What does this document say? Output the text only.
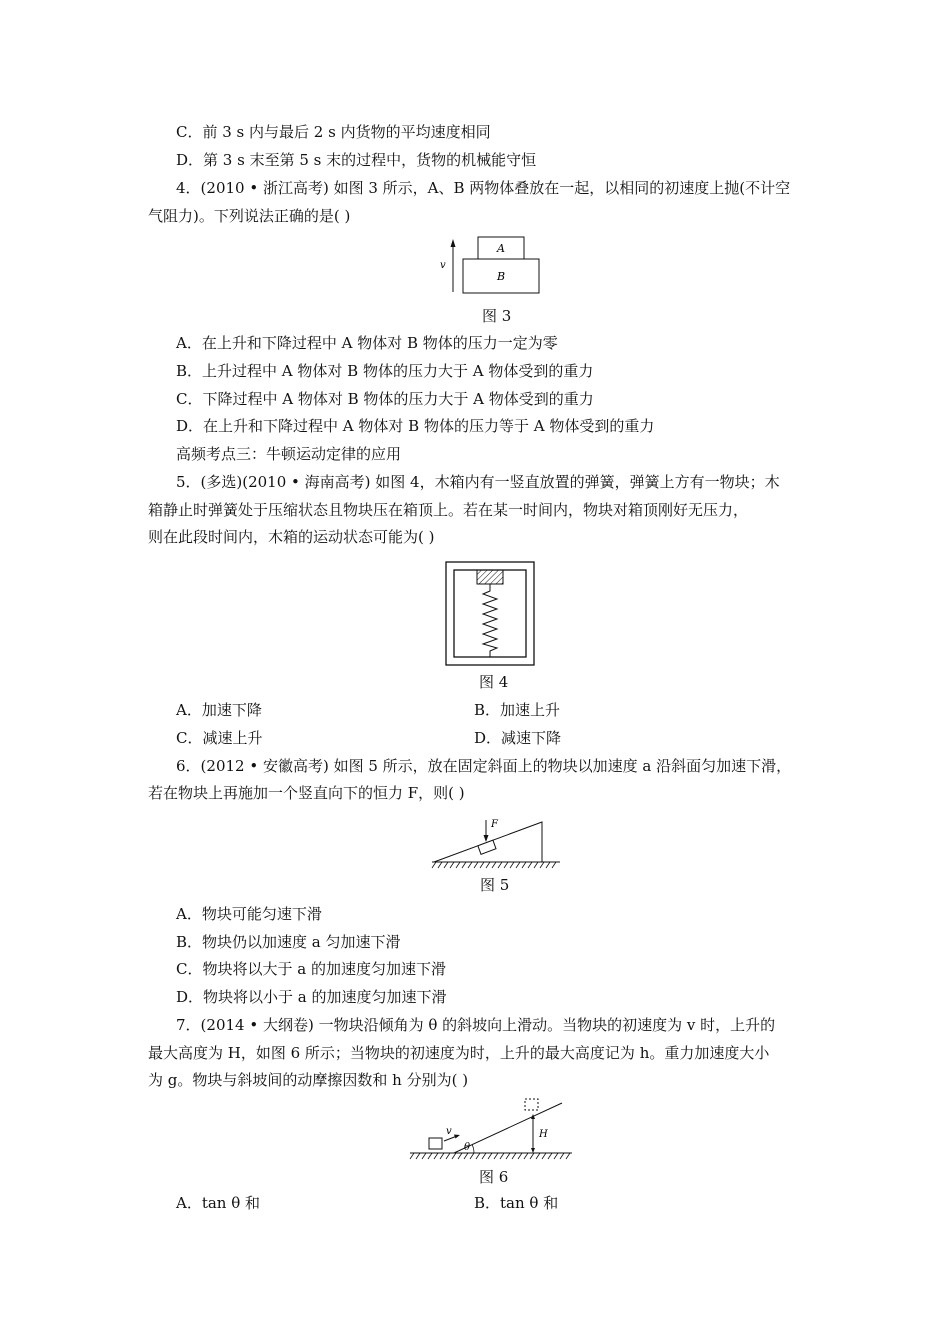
C．前 3 s 内与最后 2 s 内货物的平均速度相同
D．第 3 s 末至第 5 s 末的过程中，货物的机械能守恒
4．(2010 • 浙江高考) 如图 3 所示，A、B 两物体叠放在一起，以相同的初速度上抛(不计空
气阻力)。下列说法正确的是( )
v
A
B
图 3
A．在上升和下降过程中 A 物体对 B 物体的压力一定为零
B．上升过程中 A 物体对 B 物体的压力大于 A 物体受到的重力
C．下降过程中 A 物体对 B 物体的压力大于 A 物体受到的重力
D．在上升和下降过程中 A 物体对 B 物体的压力等于 A 物体受到的重力
高频考点三：牛顿运动定律的应用
5．(多选)(2010 • 海南高考) 如图 4，木箱内有一竖直放置的弹簧，弹簧上方有一物块；木
箱静止时弹簧处于压缩状态且物块压在箱顶上。若在某一时间内，物块对箱顶刚好无压力，
则在此段时间内，木箱的运动状态可能为( )
图 4
A．加速下降	B．加速上升
C．减速上升	D．减速下降
6．(2012 • 安徽高考) 如图 5 所示，放在固定斜面上的物块以加速度 a 沿斜面匀加速下滑，
若在物块上再施加一个竖直向下的恒力 F，则( )
F
图 5
A．物块可能匀速下滑
B．物块仍以加速度 a 匀加速下滑
C．物块将以大于 a 的加速度匀加速下滑
D．物块将以小于 a 的加速度匀加速下滑
7．(2014 • 大纲卷) 一物块沿倾角为 θ 的斜坡向上滑动。当物块的初速度为 v 时，上升的
最大高度为 H，如图 6 所示；当物块的初速度为时，上升的最大高度记为 h。重力加速度大小
为 g。物块与斜坡间的动摩擦因数和 h 分别为( )
θ
v	H
图 6
A．tan θ 和	B．tan θ 和
